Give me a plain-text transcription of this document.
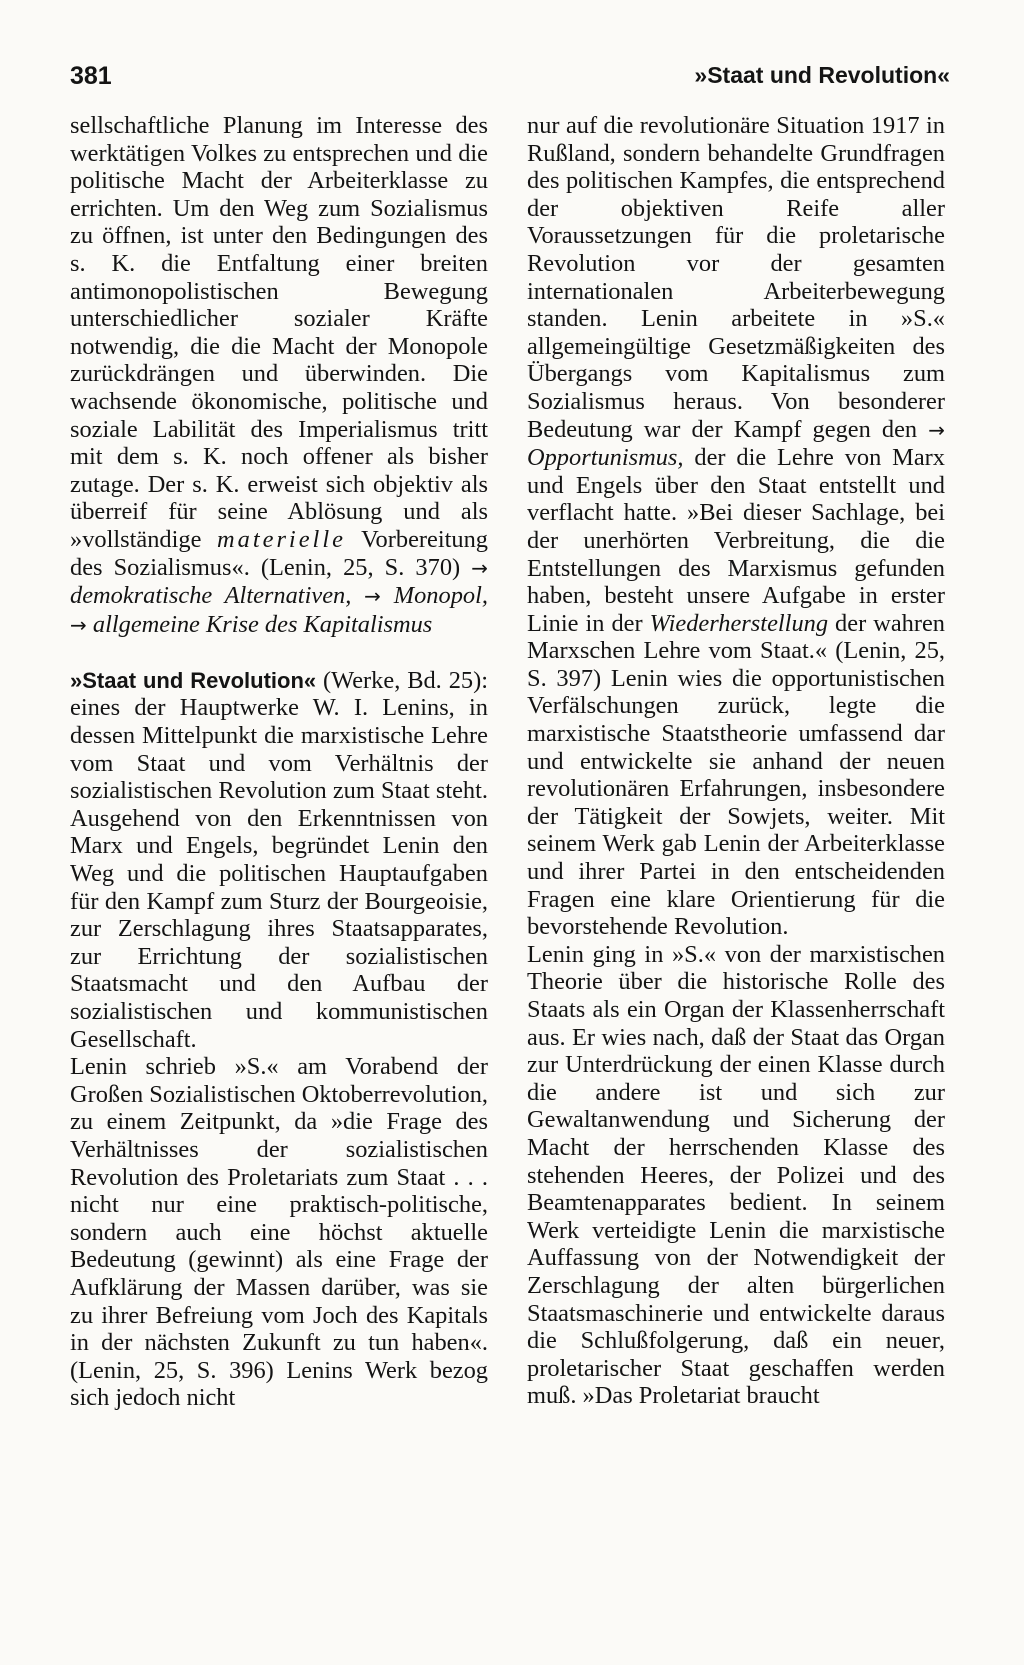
381	»Staat und Revolution«

sellschaftliche Planung im Interesse des werktätigen Volkes zu entsprechen und die politische Macht der Arbeiterklasse zu errichten. Um den Weg zum Sozialismus zu öffnen, ist unter den Bedingungen des s. K. die Entfaltung einer breiten antimonopolistischen Bewegung unterschiedlicher sozialer Kräfte notwendig, die die Macht der Monopole zurückdrängen und überwinden. Die wachsende ökonomische, politische und soziale Labilität des Imperialismus tritt mit dem s. K. noch offener als bisher zutage. Der s. K. erweist sich objektiv als überreif für seine Ablösung und als »vollständige materielle Vorbereitung des Sozialismus«. (Lenin, 25, S. 370) → demokratische Alternativen, → Monopol, → allgemeine Krise des Kapitalismus

»Staat und Revolution« (Werke, Bd. 25): eines der Hauptwerke W. I. Lenins, in dessen Mittelpunkt die marxistische Lehre vom Staat und vom Verhältnis der sozialistischen Revolution zum Staat steht. Ausgehend von den Erkenntnissen von Marx und Engels, begründet Lenin den Weg und die politischen Hauptaufgaben für den Kampf zum Sturz der Bourgeoisie, zur Zerschlagung ihres Staatsapparates, zur Errichtung der sozialistischen Staatsmacht und den Aufbau der sozialistischen und kommunistischen Gesellschaft.

Lenin schrieb »S.« am Vorabend der Großen Sozialistischen Oktoberrevolution, zu einem Zeitpunkt, da »die Frage des Verhältnisses der sozialistischen Revolution des Proletariats zum Staat . . . nicht nur eine praktisch-politische, sondern auch eine höchst aktuelle Bedeutung (gewinnt) als eine Frage der Aufklärung der Massen darüber, was sie zu ihrer Befreiung vom Joch des Kapitals in der nächsten Zukunft zu tun haben«. (Lenin, 25, S. 396) Lenins Werk bezog sich jedoch nicht

nur auf die revolutionäre Situation 1917 in Rußland, sondern behandelte Grundfragen des politischen Kampfes, die entsprechend der objektiven Reife aller Voraussetzungen für die proletarische Revolution vor der gesamten internationalen Arbeiterbewegung standen. Lenin arbeitete in »S.« allgemeingültige Gesetzmäßigkeiten des Übergangs vom Kapitalismus zum Sozialismus heraus. Von besonderer Bedeutung war der Kampf gegen den → Opportunismus, der die Lehre von Marx und Engels über den Staat entstellt und verflacht hatte. »Bei dieser Sachlage, bei der unerhörten Verbreitung, die die Entstellungen des Marxismus gefunden haben, besteht unsere Aufgabe in erster Linie in der Wiederherstellung der wahren Marxschen Lehre vom Staat.« (Lenin, 25, S. 397) Lenin wies die opportunistischen Verfälschungen zurück, legte die marxistische Staatstheorie umfassend dar und entwickelte sie anhand der neuen revolutionären Erfahrungen, insbesondere der Tätigkeit der Sowjets, weiter. Mit seinem Werk gab Lenin der Arbeiterklasse und ihrer Partei in den entscheidenden Fragen eine klare Orientierung für die bevorstehende Revolution.

Lenin ging in »S.« von der marxistischen Theorie über die historische Rolle des Staats als ein Organ der Klassenherrschaft aus. Er wies nach, daß der Staat das Organ zur Unterdrückung der einen Klasse durch die andere ist und sich zur Gewaltanwendung und Sicherung der Macht der herrschenden Klasse des stehenden Heeres, der Polizei und des Beamtenapparates bedient. In seinem Werk verteidigte Lenin die marxistische Auffassung von der Notwendigkeit der Zerschlagung der alten bürgerlichen Staatsmaschinerie und entwickelte daraus die Schlußfolgerung, daß ein neuer, proletarischer Staat geschaffen werden muß. »Das Proletariat braucht
